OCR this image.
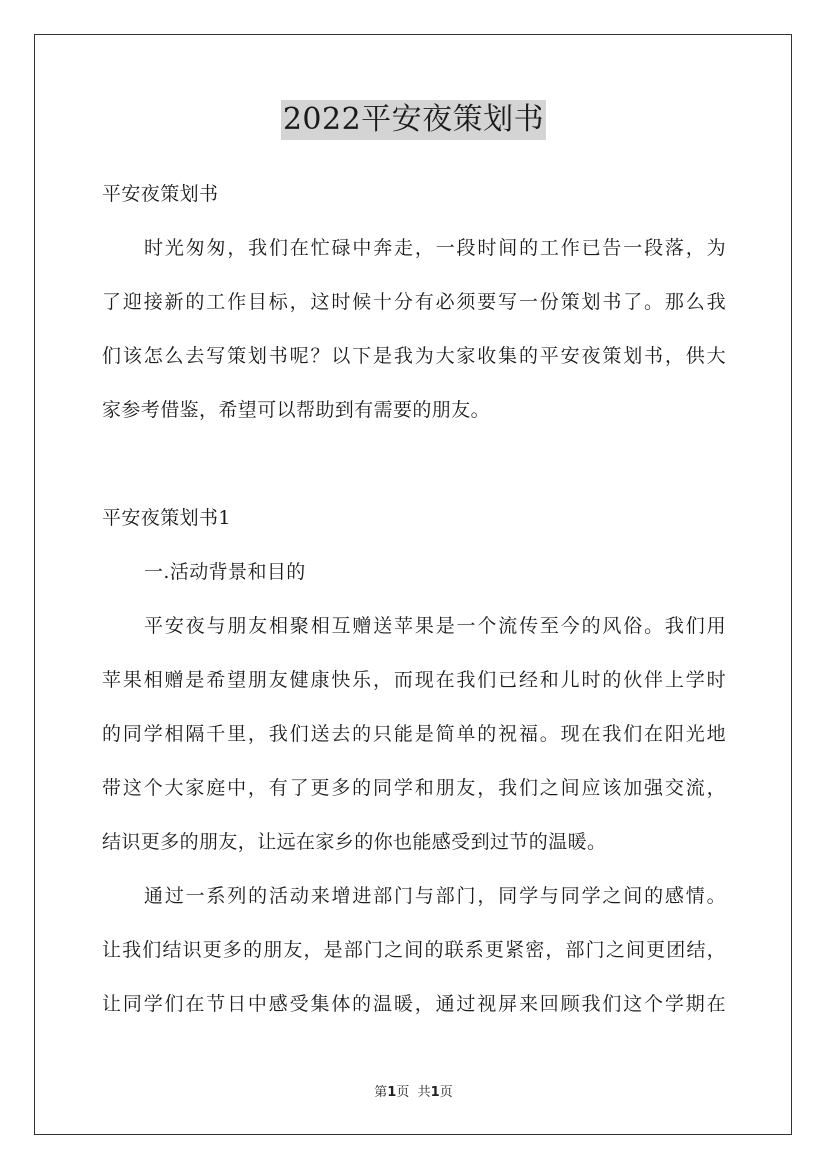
2022平安夜策划书
平安夜策划书
时光匆匆，我们在忙碌中奔走，一段时间的工作已告一段落，为
了迎接新的工作目标，这时候十分有必须要写一份策划书了。那么我
们该怎么去写策划书呢？以下是我为大家收集的平安夜策划书，供大
家参考借鉴，希望可以帮助到有需要的朋友。
平安夜策划书1
一.活动背景和目的
平安夜与朋友相聚相互赠送苹果是一个流传至今的风俗。我们用
苹果相赠是希望朋友健康快乐，而现在我们已经和儿时的伙伴上学时
的同学相隔千里，我们送去的只能是简单的祝福。现在我们在阳光地
带这个大家庭中，有了更多的同学和朋友，我们之间应该加强交流，
结识更多的朋友，让远在家乡的你也能感受到过节的温暖。
通过一系列的活动来增进部门与部门，同学与同学之间的感情。
让我们结识更多的朋友，是部门之间的联系更紧密，部门之间更团结，
让同学们在节日中感受集体的温暖，通过视屏来回顾我们这个学期在
第1页 共1页
